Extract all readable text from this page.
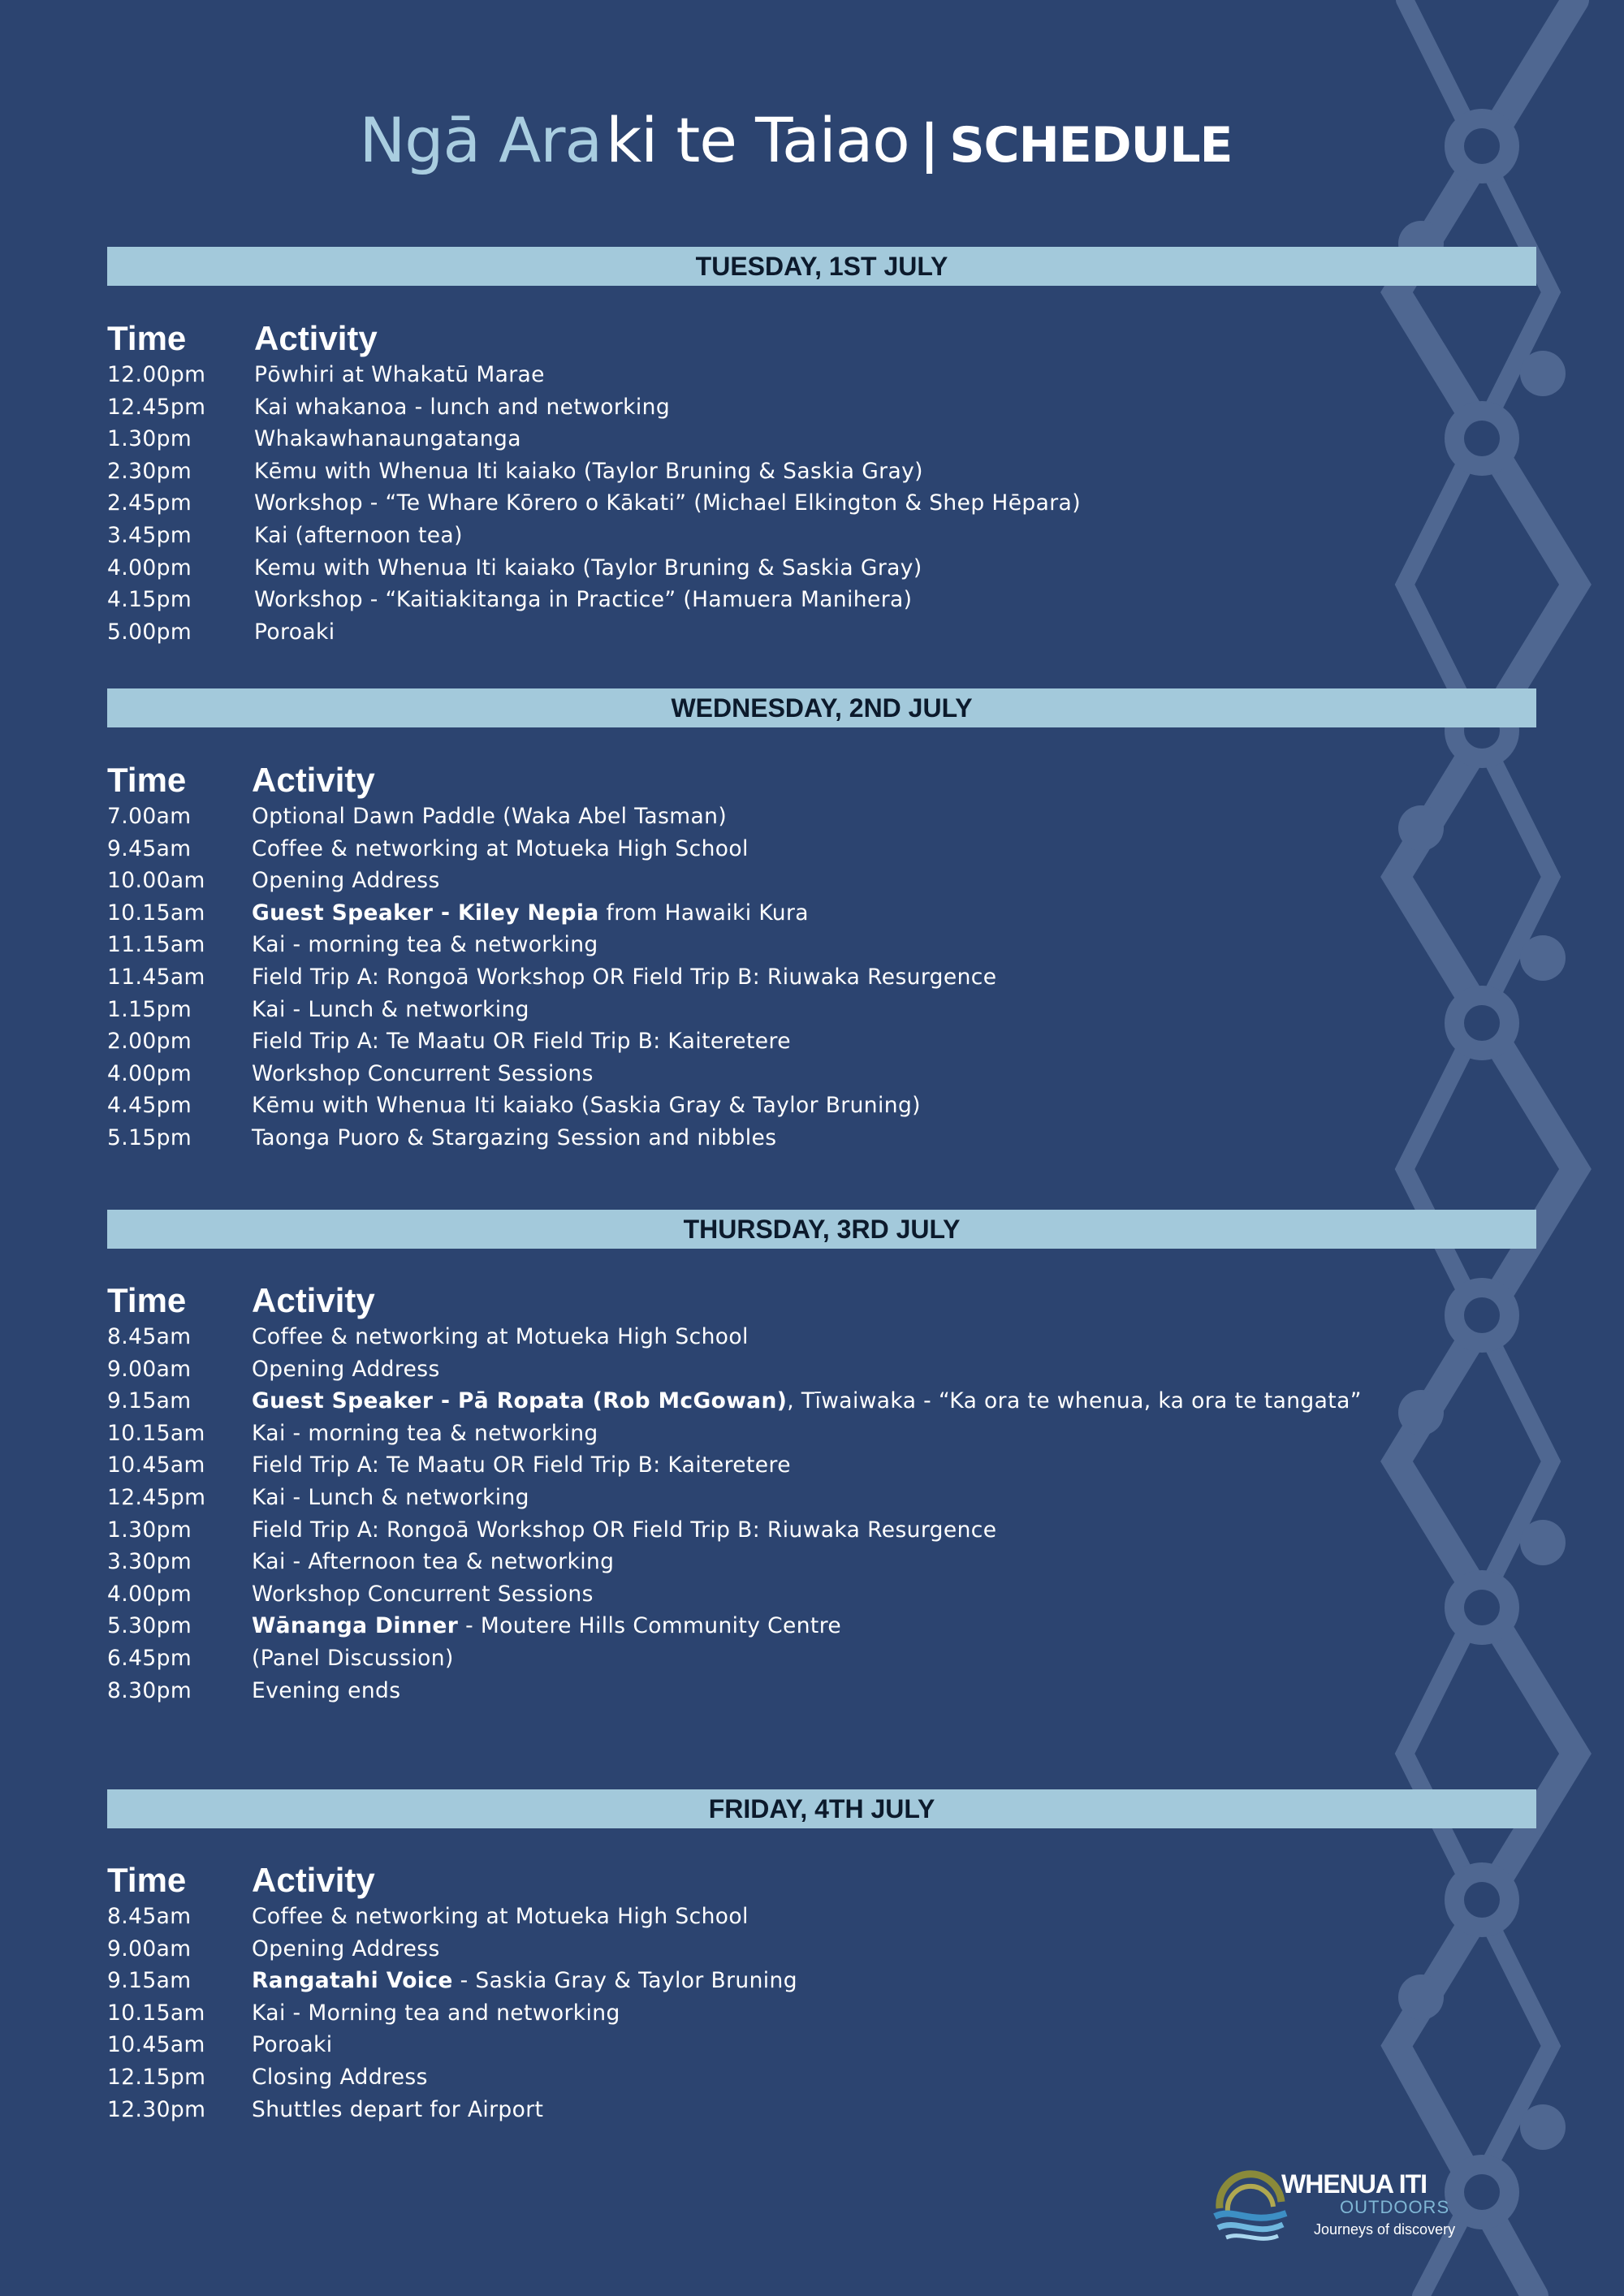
Ngā Ara ki te Taiao | SCHEDULE
TUESDAY, 1ST JULY
Time Activity
12.00pm Pōwhiri at Whakatū Marae
12.45pm Kai whakanoa - lunch and networking
1.30pm	Whakawhanaungatanga
2.30pm	Kēmu with Whenua Iti kaiako (Taylor Bruning & Saskia Gray)
2.45pm	Workshop - “Te Whare Kōrero o Kākati” (Michael Elkington & Shep Hēpara)
3.45pm	Kai (afternoon tea)
4.00pm	Kemu with Whenua Iti kaiako (Taylor Bruning & Saskia Gray)
4.15pm	Workshop - “Kaitiakitanga in Practice” (Hamuera Manihera)
5.00pm	Poroaki
WEDNESDAY, 2ND JULY
Time Activity
7.00am	Optional Dawn Paddle (Waka Abel Tasman)
9.45am	Coffee & networking at Motueka High School
10.00am Opening Address
10.15am Guest Speaker - Kiley Nepia from Hawaiki Kura
11.15am Kai - morning tea & networking
11.45am Field Trip A: Rongoā Workshop OR Field Trip B: Riuwaka Resurgence
1.15pm	Kai - Lunch & networking
2.00pm	Field Trip A: Te Maatu OR Field Trip B: Kaiteretere
4.00pm	Workshop Concurrent Sessions
4.45pm	Kēmu with Whenua Iti kaiako (Saskia Gray & Taylor Bruning)
5.15pm	Taonga Puoro & Stargazing Session and nibbles
THURSDAY, 3RD JULY
Time Activity
8.45am	Coffee & networking at Motueka High School
9.00am	Opening Address
9.15am	Guest Speaker - Pā Ropata (Rob McGowan), Tīwaiwaka - “Ka ora te whenua, ka ora te tangata”
10.15am Kai - morning tea & networking
10.45am Field Trip A: Te Maatu OR Field Trip B: Kaiteretere
12.45pm Kai - Lunch & networking
1.30pm	Field Trip A: Rongoā Workshop OR Field Trip B: Riuwaka Resurgence
3.30pm	Kai - Afternoon tea & networking
4.00pm	Workshop Concurrent Sessions
5.30pm	Wānanga Dinner - Moutere Hills Community Centre
6.45pm	(Panel Discussion)
8.30pm	Evening ends
FRIDAY, 4TH JULY
Time Activity
8.45am	Coffee & networking at Motueka High School
9.00am	Opening Address
9.15am	Rangatahi Voice - Saskia Gray & Taylor Bruning
10.15am Kai - Morning tea and networking
10.45am Poroaki
12.15pm Closing Address
12.30pm Shuttles depart for Airport
WHENUA ITI
OUTDOORS
Journeys of discovery
